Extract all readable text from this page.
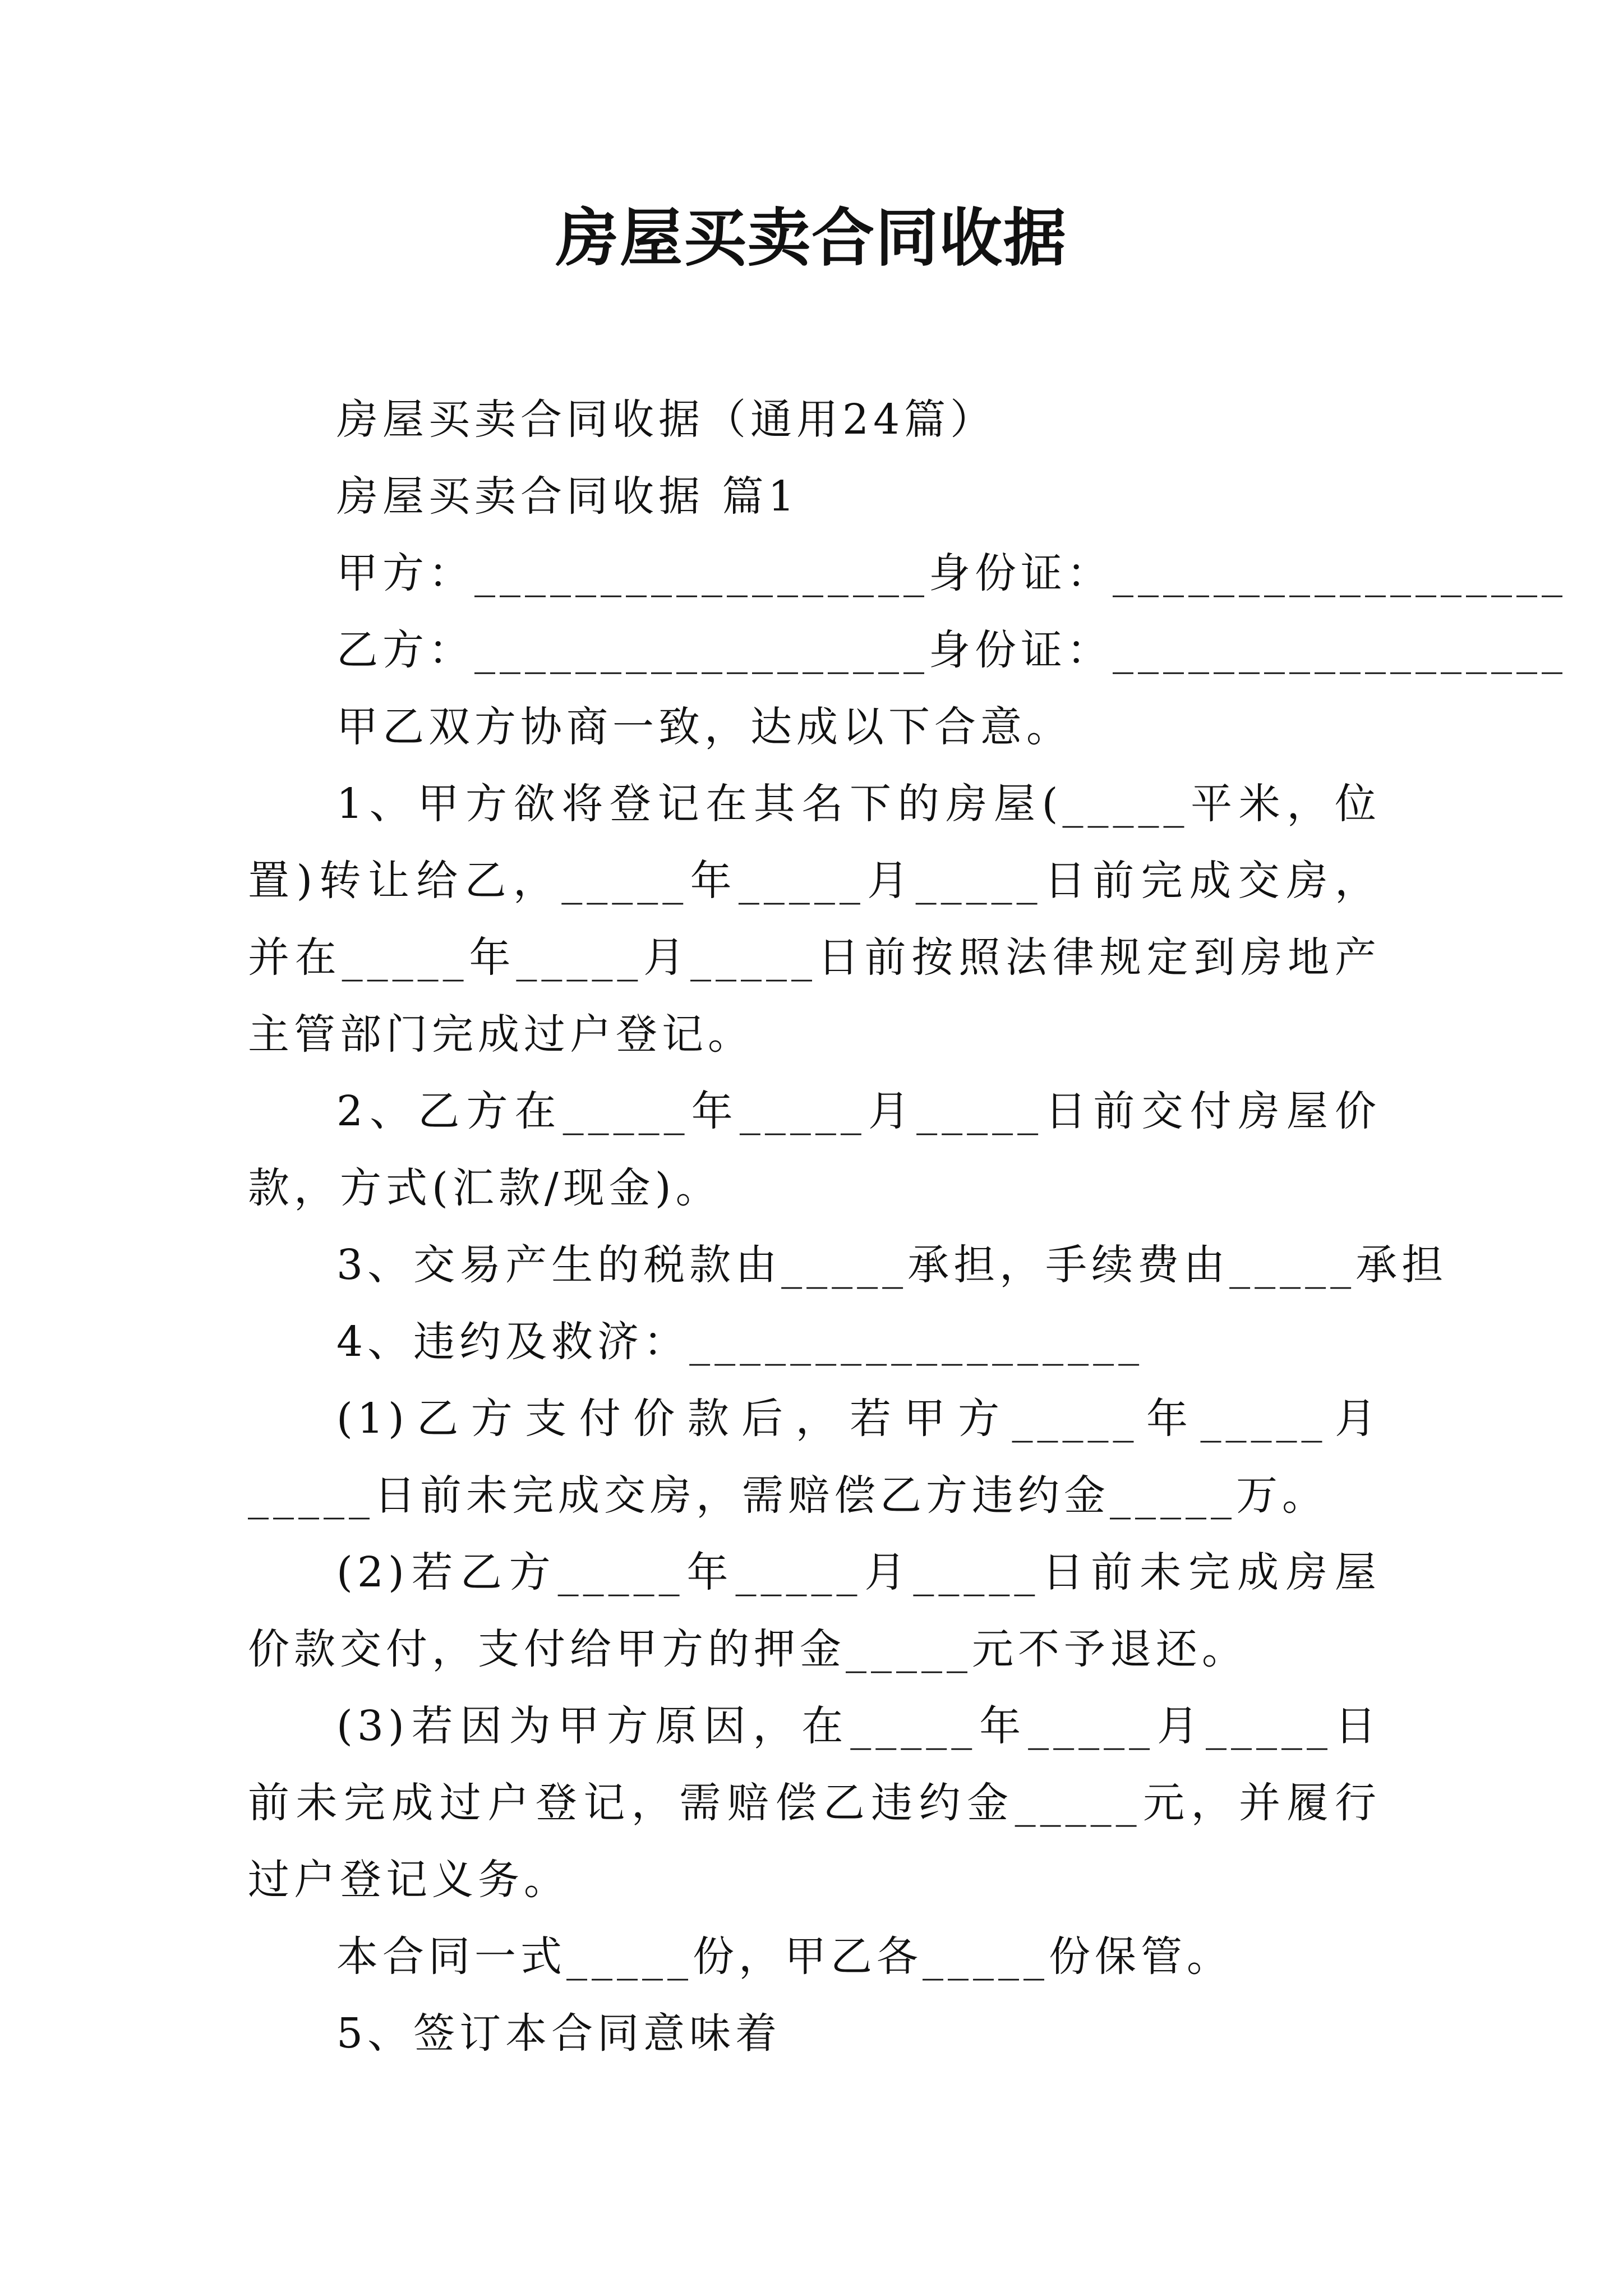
房屋买卖合同收据

房屋买卖合同收据（通用24篇）

房屋买卖合同收据 篇1

甲方：__________________身份证：__________________

乙方：__________________身份证：__________________

甲乙双方协商一致，达成以下合意。

1、甲方欲将登记在其名下的房屋(_____平米，位置)转让给乙，_____年_____月_____日前完成交房，并在_____年_____月_____日前按照法律规定到房地产主管部门完成过户登记。

2、乙方在_____年_____月_____日前交付房屋价款，方式(汇款/现金)。

3、交易产生的税款由_____承担，手续费由_____承担

4、违约及救济：__________________

(1)乙方支付价款后，若甲方_____年_____月_____日前未完成交房，需赔偿乙方违约金_____万。

(2)若乙方_____年_____月_____日前未完成房屋价款交付，支付给甲方的押金_____元不予退还。

(3)若因为甲方原因，在_____年_____月_____日前未完成过户登记，需赔偿乙违约金_____元，并履行过户登记义务。

本合同一式_____份，甲乙各_____份保管。

5、签订本合同意味着
